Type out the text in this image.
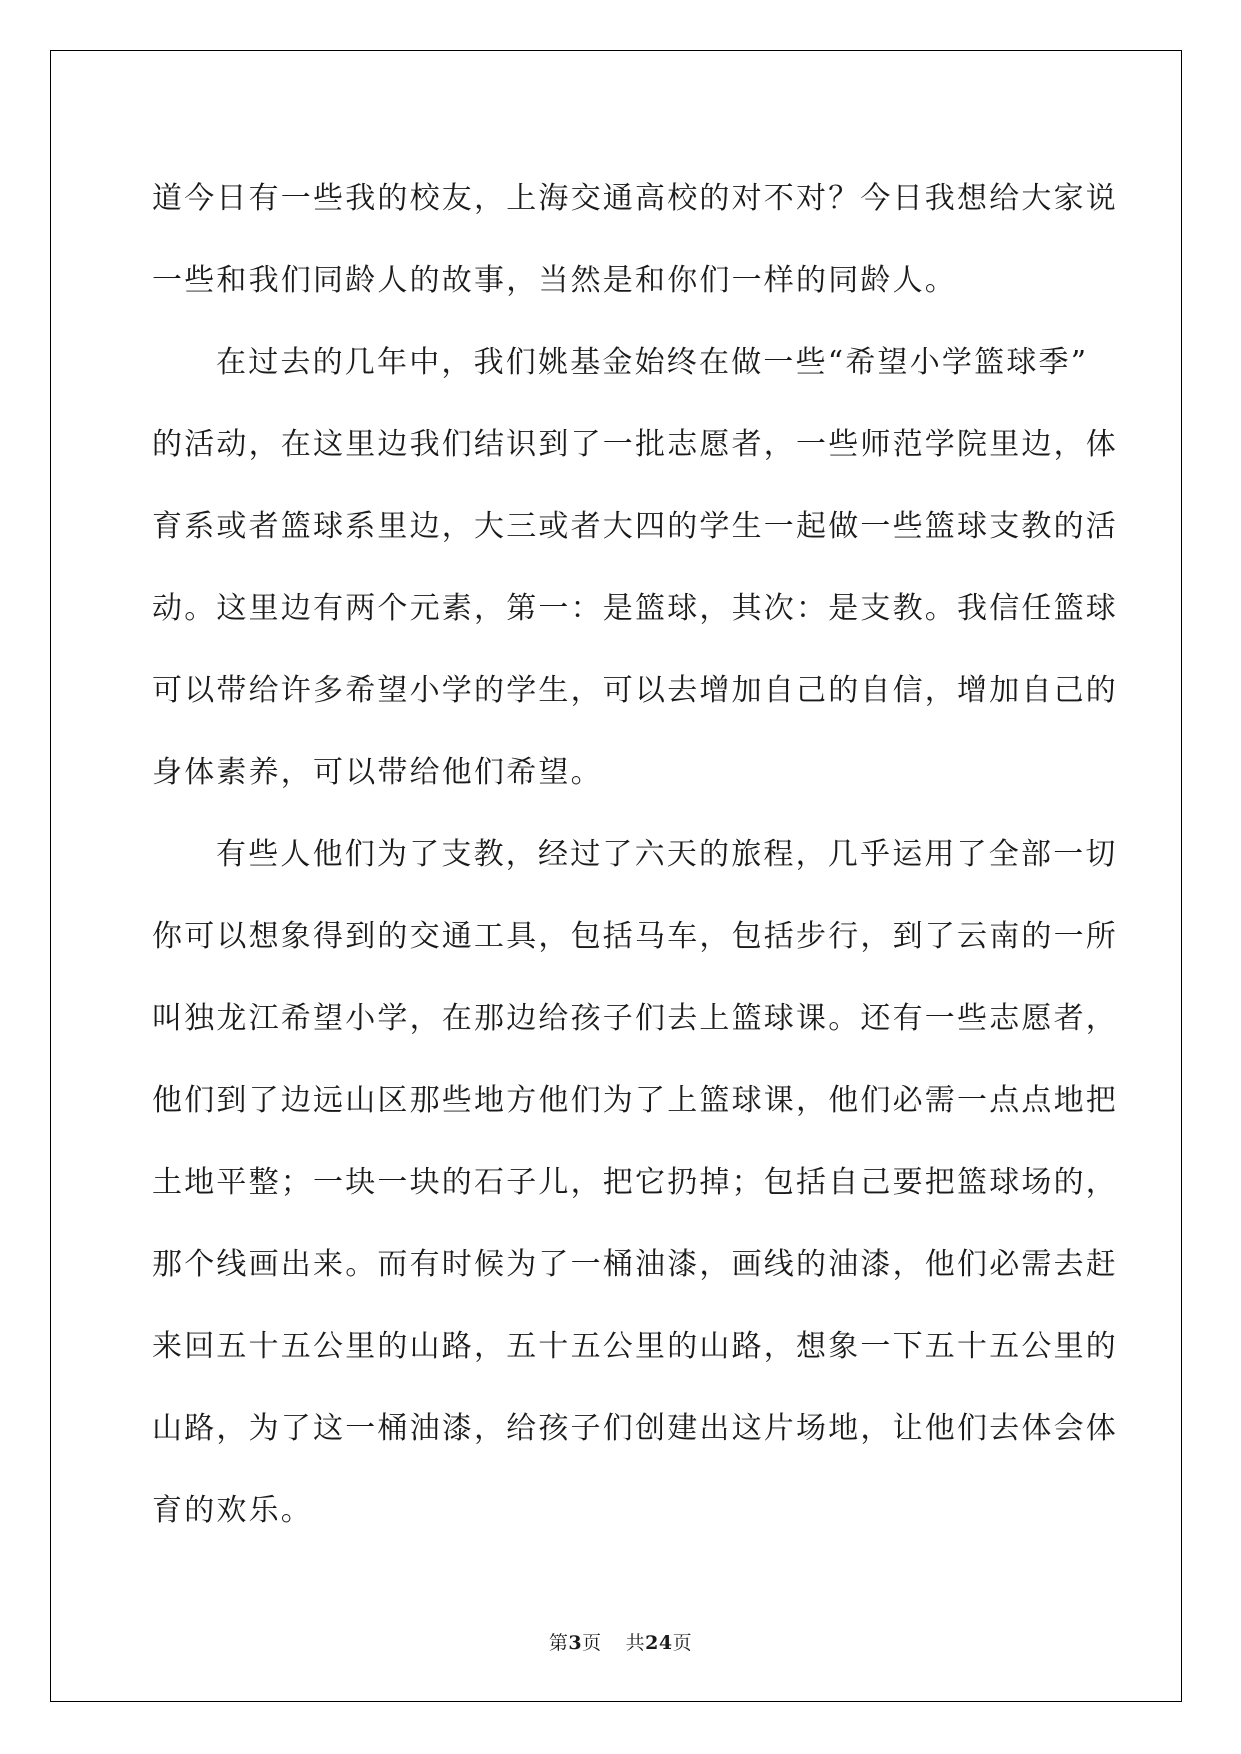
道今日有一些我的校友，上海交通高校的对不对？今日我想给大家说
一些和我们同龄人的故事，当然是和你们一样的同龄人。

在过去的几年中，我们姚基金始终在做一些“希望小学篮球季”
的活动，在这里边我们结识到了一批志愿者，一些师范学院里边，体
育系或者篮球系里边，大三或者大四的学生一起做一些篮球支教的活
动。这里边有两个元素，第一：是篮球，其次：是支教。我信任篮球
可以带给许多希望小学的学生，可以去增加自己的自信，增加自己的
身体素养，可以带给他们希望。

有些人他们为了支教，经过了六天的旅程，几乎运用了全部一切
你可以想象得到的交通工具，包括马车，包括步行，到了云南的一所
叫独龙江希望小学，在那边给孩子们去上篮球课。还有一些志愿者，
他们到了边远山区那些地方他们为了上篮球课，他们必需一点点地把
土地平整；一块一块的石子儿，把它扔掉；包括自己要把篮球场的，
那个线画出来。而有时候为了一桶油漆，画线的油漆，他们必需去赶
来回五十五公里的山路，五十五公里的山路，想象一下五十五公里的
山路，为了这一桶油漆，给孩子们创建出这片场地，让他们去体会体
育的欢乐。

第3页 共24页
